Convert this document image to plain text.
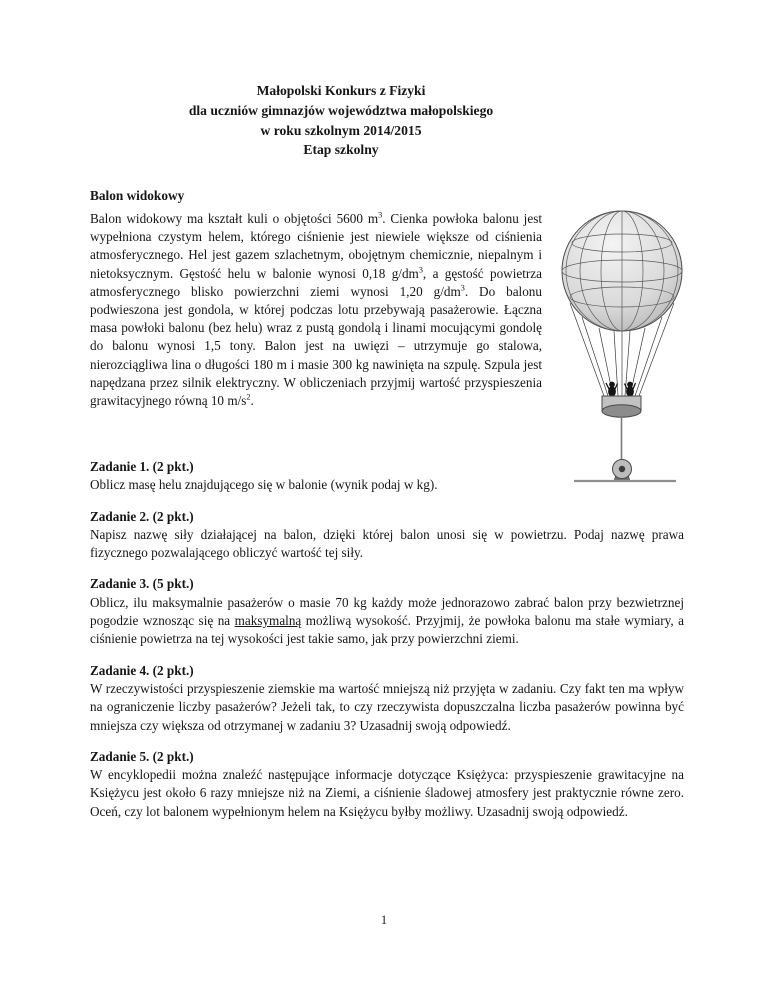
Małopolski Konkurs z Fizyki
dla uczniów gimnazjów województwa małopolskiego
w roku szkolnym 2014/2015
Etap szkolny
Balon widokowy
Balon widokowy ma kształt kuli o objętości 5600 $m^3$. Cienka powłoka balonu jest wypełniona czystym helem, którego ciśnienie jest niewiele większe od ciśnienia atmosferycznego. Hel jest gazem szlachetnym, obojętnym chemicznie, niepalnym i nietoksycznym. Gęstość helu w balonie wynosi 0,18 $g/dm^3$, a gęstość powietrza atmosferycznego blisko powierzchni ziemi wynosi 1,20 $g/dm^3$. Do balonu podwieszona jest gondola, w której podczas lotu przebywają pasażerowie. Łączna masa powłoki balonu (bez helu) wraz z pustą gondolą i linami mocującymi gondolę do balonu wynosi 1,5 tony. Balon jest na uwięzi – utrzymuje go stalowa, nierozciągliwa lina o długości 180 m i masie 300 kg nawinięta na szpulę. Szpula jest napędzana przez silnik elektryczny. W obliczeniach przyjmij wartość przyspieszenia grawitacyjnego równą 10 $m/s^2$.
Zadanie 1. (2 pkt.)
Oblicz masę helu znajdującego się w balonie (wynik podaj w kg).
Zadanie 2. (2 pkt.)
Napisz nazwę siły działającej na balon, dzięki której balon unosi się w powietrzu. Podaj nazwę prawa fizycznego pozwalającego obliczyć wartość tej siły.
Zadanie 3. (5 pkt.)
Oblicz, ilu maksymalnie pasażerów o masie 70 kg każdy może jednorazowo zabrać balon przy bezwietrznej pogodzie wznosząc się na maksymalną możliwą wysokość. Przyjmij, że powłoka balonu ma stałe wymiary, a ciśnienie powietrza na tej wysokości jest takie samo, jak przy powierzchni ziemi.
Zadanie 4. (2 pkt.)
W rzeczywistości przyspieszenie ziemskie ma wartość mniejszą niż przyjęta w zadaniu. Czy fakt ten ma wpływ na ograniczenie liczby pasażerów? Jeżeli tak, to czy rzeczywista dopuszczalna liczba pasażerów powinna być mniejsza czy większa od otrzymanej w zadaniu 3? Uzasadnij swoją odpowiedź.
Zadanie 5. (2 pkt.)
W encyklopedii można znaleźć następujące informacje dotyczące Księżyca: przyspieszenie grawitacyjne na Księżycu jest około 6 razy mniejsze niż na Ziemi, a ciśnienie śladowej atmosfery jest praktycznie równe zero. Oceń, czy lot balonem wypełnionym helem na Księżycu byłby możliwy. Uzasadnij swoją odpowiedź.
1
